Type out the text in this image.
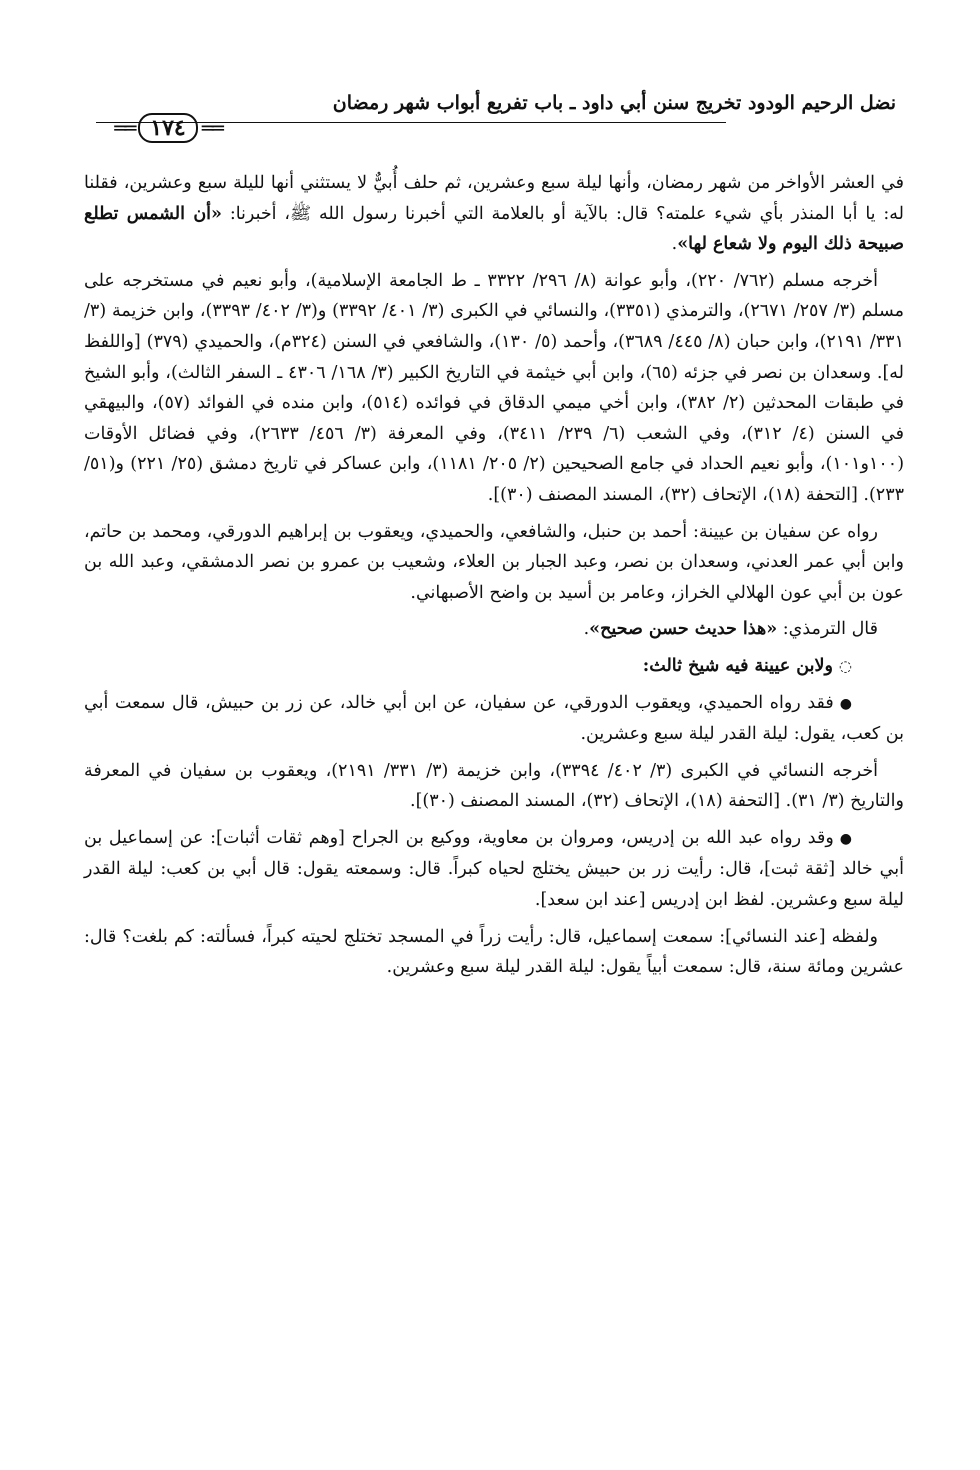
نضل الرحيم الودود تخريج سنن أبي داود ـ باب تفريع أبواب شهر رمضان
══ ١٧٤ ══

في العشر الأواخر من شهر رمضان، وأنها ليلة سبع وعشرين، ثم حلف أُبيٌّ لا يستثني أنها لليلة سبع وعشرين، فقلنا له: يا أبا المنذر بأي شيء علمته؟ قال: بالآية أو بالعلامة التي أخبرنا رسول الله ﷺ، أخبرنا: «أن الشمس تطلع صبيحة ذلك اليوم ولا شعاع لها».

أخرجه مسلم (٧٦٢/ ٢٢٠)، وأبو عوانة (٨/ ٢٩٦/ ٣٣٢٢ ـ ط الجامعة الإسلامية)، وأبو نعيم في مستخرجه على مسلم (٣/ ٢٥٧/ ٢٦٧١)، والترمذي (٣٣٥١)، والنسائي في الكبرى (٣/ ٤٠١/ ٣٣٩٢) و(٣/ ٤٠٢/ ٣٣٩٣)، وابن خزيمة (٣/ ٣٣١/ ٢١٩١)، وابن حبان (٨/ ٤٤٥/ ٣٦٨٩)، وأحمد (٥/ ١٣٠)، والشافعي في السنن (٣٢٤م)، والحميدي (٣٧٩) [واللفظ له]. وسعدان بن نصر في جزئه (٦٥)، وابن أبي خيثمة في التاريخ الكبير (٣/ ١٦٨/ ٤٣٠٦ ـ السفر الثالث)، وأبو الشيخ في طبقات المحدثين (٢/ ٣٨٢)، وابن أخي ميمي الدقاق في فوائده (٥١٤)، وابن منده في الفوائد (٥٧)، والبيهقي في السنن (٤/ ٣١٢)، وفي الشعب (٦/ ٢٣٩/ ٣٤١١)، وفي المعرفة (٣/ ٤٥٦/ ٢٦٣٣)، وفي فضائل الأوقات (١٠٠و١٠١)، وأبو نعيم الحداد في جامع الصحيحين (٢/ ٢٠٥/ ١١٨١)، وابن عساكر في تاريخ دمشق (٢٥/ ٢٢١) و(٥١/ ٢٣٣). [التحفة (١٨)، الإتحاف (٣٢)، المسند المصنف (٣٠)].

رواه عن سفيان بن عيينة: أحمد بن حنبل، والشافعي، والحميدي، ويعقوب بن إبراهيم الدورقي، ومحمد بن حاتم، وابن أبي عمر العدني، وسعدان بن نصر، وعبد الجبار بن العلاء، وشعيب بن عمرو بن نصر الدمشقي، وعبد الله بن عون بن أبي عون الهلالي الخراز، وعامر بن أسيد بن واضح الأصبهاني.

قال الترمذي: «هذا حديث حسن صحيح».

◌ولابن عيينة فيه شيخ ثالث:

●فقد رواه الحميدي، ويعقوب الدورقي، عن سفيان، عن ابن أبي خالد، عن زر بن حبيش، قال سمعت أبي بن كعب، يقول: ليلة القدر ليلة سبع وعشرين.

أخرجه النسائي في الكبرى (٣/ ٤٠٢/ ٣٣٩٤)، وابن خزيمة (٣/ ٣٣١/ ٢١٩١)، ويعقوب بن سفيان في المعرفة والتاريخ (٣/ ٣١). [التحفة (١٨)، الإتحاف (٣٢)، المسند المصنف (٣٠)].

●وقد رواه عبد الله بن إدريس، ومروان بن معاوية، ووكيع بن الجراح [وهم ثقات أثبات]: عن إسماعيل بن أبي خالد [ثقة ثبت]، قال: رأيت زر بن حبيش يختلج لحياه كبراً. قال: وسمعته يقول: قال أبي بن كعب: ليلة القدر ليلة سبع وعشرين. لفظ ابن إدريس [عند ابن سعد].

ولفظه [عند النسائي]: سمعت إسماعيل، قال: رأيت زراً في المسجد تختلج لحيته كبراً، فسألته: كم بلغت؟ قال: عشرين ومائة سنة، قال: سمعت أبياً يقول: ليلة القدر ليلة سبع وعشرين.
